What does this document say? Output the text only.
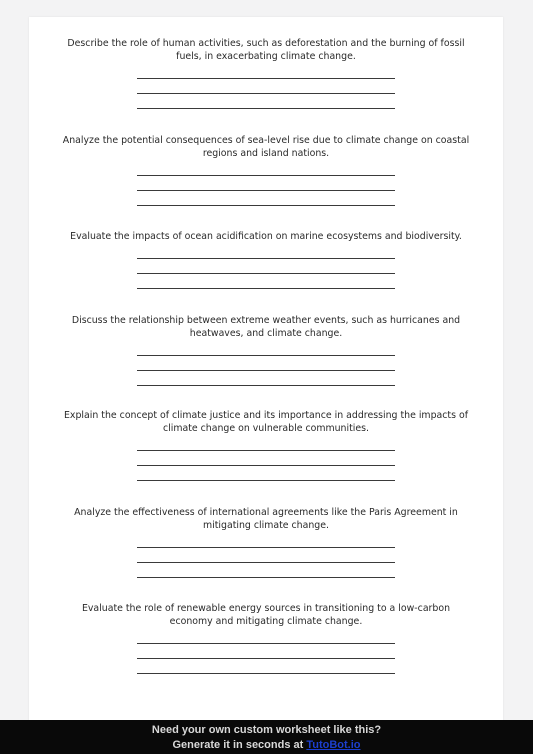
Describe the role of human activities, such as deforestation and the burning of fossil fuels, in exacerbating climate change.
Analyze the potential consequences of sea-level rise due to climate change on coastal regions and island nations.
Evaluate the impacts of ocean acidification on marine ecosystems and biodiversity.
Discuss the relationship between extreme weather events, such as hurricanes and heatwaves, and climate change.
Explain the concept of climate justice and its importance in addressing the impacts of climate change on vulnerable communities.
Analyze the effectiveness of international agreements like the Paris Agreement in mitigating climate change.
Evaluate the role of renewable energy sources in transitioning to a low-carbon economy and mitigating climate change.
Need your own custom worksheet like this?
Generate it in seconds at TutoBot.io
